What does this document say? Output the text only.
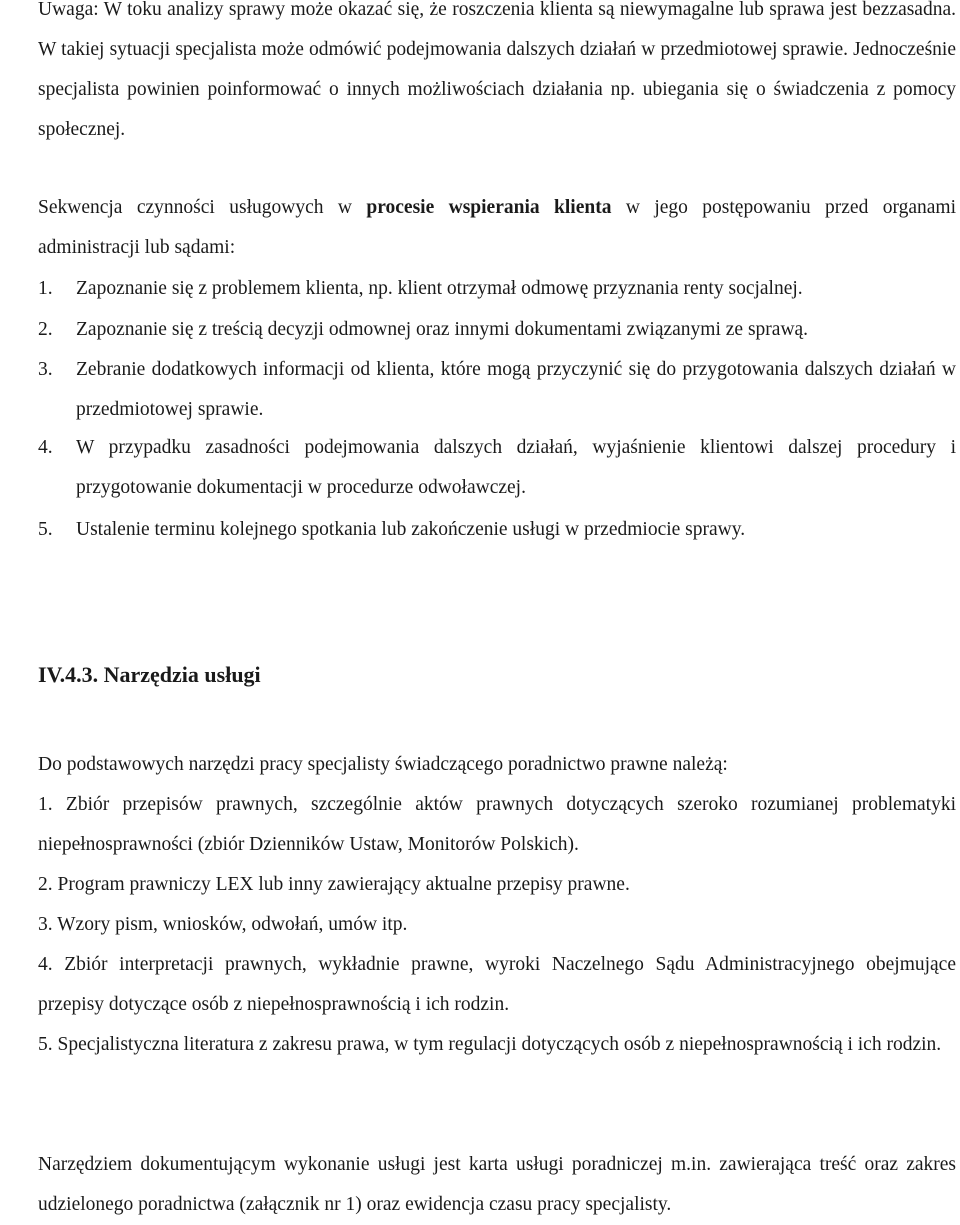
Uwaga: W toku analizy sprawy może okazać się, że roszczenia klienta są niewymagalne lub sprawa jest bezzasadna. W takiej sytuacji specjalista może odmówić podejmowania dalszych działań w przedmiotowej sprawie. Jednocześnie specjalista powinien poinformować o innych możliwościach działania np. ubiegania się o świadczenia z pomocy społecznej.

Sekwencja czynności usługowych w procesie wspierania klienta w jego postępowaniu przed organami administracji lub sądami:

1.	Zapoznanie się z problemem klienta, np. klient otrzymał odmowę przyznania renty socjalnej.
2.	Zapoznanie się z treścią decyzji odmownej oraz innymi dokumentami związanymi ze sprawą.
3.	Zebranie dodatkowych informacji od klienta, które mogą przyczynić się do przygotowania dalszych działań w przedmiotowej sprawie.
4.	W przypadku zasadności podejmowania dalszych działań, wyjaśnienie klientowi dalszej procedury i przygotowanie dokumentacji w procedurze odwoławczej.
5.	Ustalenie terminu kolejnego spotkania lub zakończenie usługi w przedmiocie sprawy.
IV.4.3. Narzędzia usługi

Do podstawowych narzędzi pracy specjalisty świadczącego poradnictwo prawne należą:

1. Zbiór przepisów prawnych, szczególnie aktów prawnych dotyczących szeroko rozumianej problematyki niepełnosprawności (zbiór Dzienników Ustaw, Monitorów Polskich).

2. Program prawniczy LEX lub inny zawierający aktualne przepisy prawne.

3. Wzory pism, wniosków, odwołań, umów itp.

4. Zbiór interpretacji prawnych, wykładnie prawne, wyroki Naczelnego Sądu Administracyjnego obejmujące przepisy dotyczące osób z niepełnosprawnością i ich rodzin.

5. Specjalistyczna literatura z zakresu prawa, w tym regulacji dotyczących osób z niepełnosprawnością i ich rodzin.

Narzędziem dokumentującym wykonanie usługi jest karta usługi poradniczej m.in. zawierająca treść oraz zakres udzielonego poradnictwa (załącznik nr 1) oraz ewidencja czasu pracy specjalisty.
